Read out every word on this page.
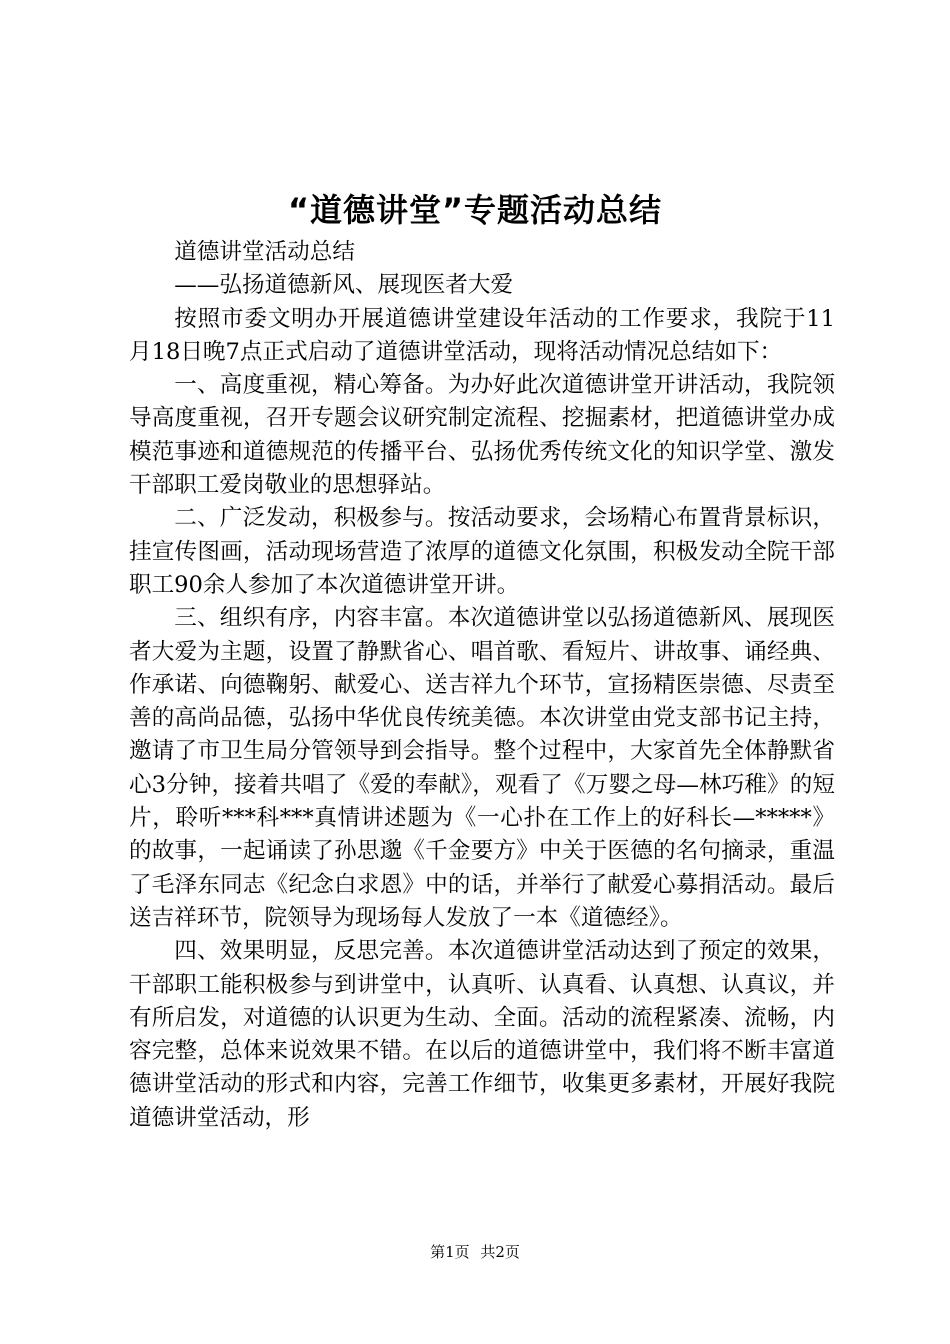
“道德讲堂”专题活动总结

道德讲堂活动总结

——弘扬道德新风、展现医者大爱

按照市委文明办开展道德讲堂建设年活动的工作要求，我院于11月18日晚7点正式启动了道德讲堂活动，现将活动情况总结如下：

一、高度重视，精心筹备。为办好此次道德讲堂开讲活动，我院领导高度重视，召开专题会议研究制定流程、挖掘素材，把道德讲堂办成模范事迹和道德规范的传播平台、弘扬优秀传统文化的知识学堂、激发干部职工爱岗敬业的思想驿站。

二、广泛发动，积极参与。按活动要求，会场精心布置背景标识，挂宣传图画，活动现场营造了浓厚的道德文化氛围，积极发动全院干部职工90余人参加了本次道德讲堂开讲。

三、组织有序，内容丰富。本次道德讲堂以弘扬道德新风、展现医者大爱为主题，设置了静默省心、唱首歌、看短片、讲故事、诵经典、作承诺、向德鞠躬、献爱心、送吉祥九个环节，宣扬精医崇德、尽责至善的高尚品德，弘扬中华优良传统美德。本次讲堂由党支部书记主持，邀请了市卫生局分管领导到会指导。整个过程中，大家首先全体静默省心3分钟，接着共唱了《爱的奉献》，观看了《万婴之母—林巧稚》的短片，聆听***科***真情讲述题为《一心扑在工作上的好科长—*****》的故事，一起诵读了孙思邈《千金要方》中关于医德的名句摘录，重温了毛泽东同志《纪念白求恩》中的话，并举行了献爱心募捐活动。最后送吉祥环节，院领导为现场每人发放了一本《道德经》。

四、效果明显，反思完善。本次道德讲堂活动达到了预定的效果，干部职工能积极参与到讲堂中，认真听、认真看、认真想、认真议，并有所启发，对道德的认识更为生动、全面。活动的流程紧凑、流畅，内容完整，总体来说效果不错。在以后的道德讲堂中，我们将不断丰富道德讲堂活动的形式和内容，完善工作细节，收集更多素材，开展好我院道德讲堂活动，形

第1页 共2页
